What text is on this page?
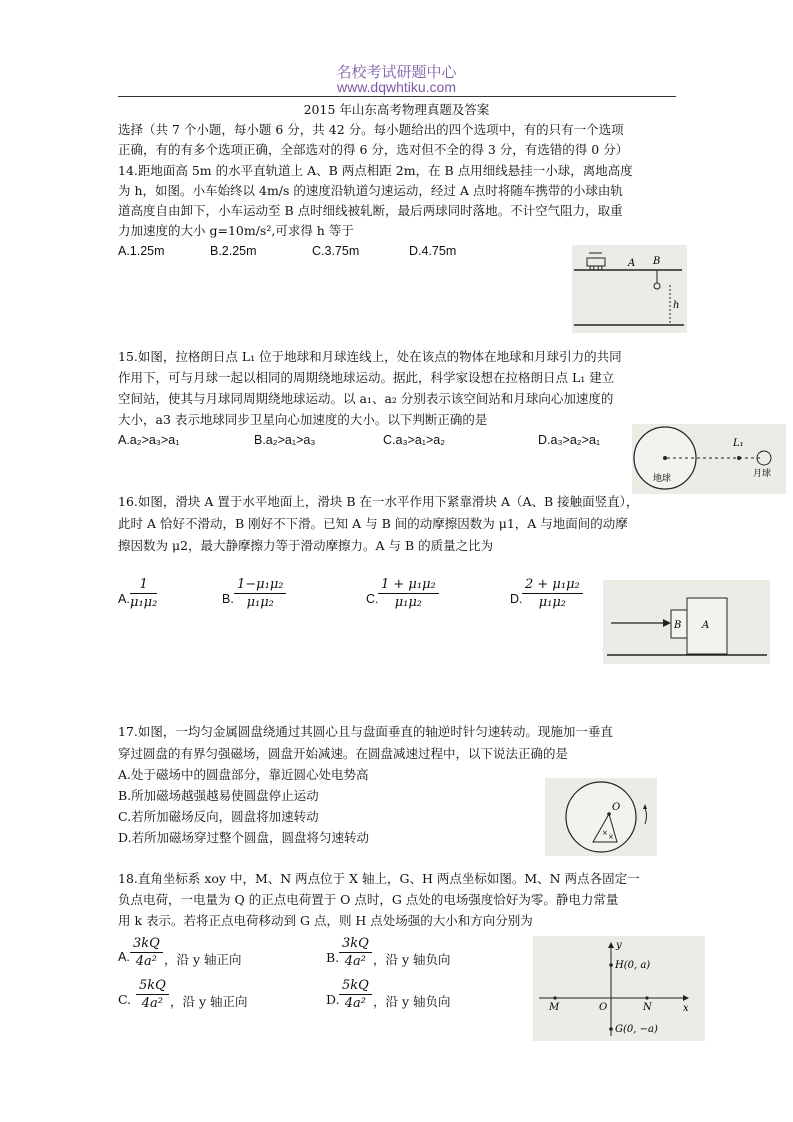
名校考试研题中心
www.dqwhtiku.com
2015 年山东高考物理真题及答案
选择（共 7 个小题，每小题 6 分，共 42 分。每小题给出的四个选项中，有的只有一个选项
正确，有的有多个选项正确，全部选对的得 6 分，选对但不全的得 3 分，有选错的得 0 分）
14.距地面高 5m 的水平直轨道上 A、B 两点相距 2m，在 B 点用细线悬挂一小球，离地高度
为 h，如图。小车始终以 4m/s 的速度沿轨道匀速运动，经过 A 点时将随车携带的小球由轨
道高度自由卸下，小车运动至 B 点时细线被轧断，最后两球同时落地。不计空气阻力，取重
力加速度的大小 g=10m/s²,可求得 h 等于
A.1.25m	B.2.25m	C.3.75m	D.4.75m
A B
h
15.如图，拉格朗日点 L₁ 位于地球和月球连线上，处在该点的物体在地球和月球引力的共同
作用下，可与月球一起以相同的周期绕地球运动。据此，科学家设想在拉格朗日点 L₁ 建立
空间站，使其与月球同周期绕地球运动。以 a₁、a₂ 分别表示该空间站和月球向心加速度的
大小，a3 表示地球同步卫星向心加速度的大小。以下判断正确的是
A.a₂>a₃>a₁	B.a₂>a₁>a₃	C.a₃>a₁>a₂	D.a₃>a₂>a₁	L₁
地球	月球
16.如图，滑块 A 置于水平地面上，滑块 B 在一水平作用下紧靠滑块 A（A、B 接触面竖直），
此时 A 恰好不滑动，B 刚好不下滑。已知 A 与 B 间的动摩擦因数为 μ1，A 与地面间的动摩
擦因数为 μ2，最大静摩擦力等于滑动摩擦力。A 与 B 的质量之比为
A. $\frac{1}{\text{μ₁μ₂}}$	B. $\frac{\text{1−μ₁μ₂}}{\text{μ₁μ₂}}$	C. $\frac{\text{1 + μ₁μ₂}}{\text{μ₁μ₂}}$	D. $\frac{\text{2 + μ₁μ₂}}{\text{μ₁μ₂}}$
B A
17.如图，一均匀金属圆盘绕通过其圆心且与盘面垂直的轴逆时针匀速转动。现施加一垂直
穿过圆盘的有界匀强磁场，圆盘开始减速。在圆盘减速过程中，以下说法正确的是
A.处于磁场中的圆盘部分，靠近圆心处电势高
B.所加磁场越强越易使圆盘停止运动
C.若所加磁场反向，圆盘将加速转动
D.若所加磁场穿过整个圆盘，圆盘将匀速转动	× ×
O
18.直角坐标系 xoy 中，M、N 两点位于 X 轴上，G、H 两点坐标如图。M、N 两点各固定一
负点电荷，一电量为 Q 的正点电荷置于 O 点时，G 点处的电场强度恰好为零。静电力常量
用 k 表示。若将正点电荷移动到 G 点，则 H 点处场强的大小和方向分别为
A. $\frac{3kQ}{\text{4a²}}$ ，沿 y 轴正向	B. $\frac{3kQ}{\text{4a²}}$ ，沿 y 轴负向
C. $\frac{5kQ}{\text{4a²}}$ ，沿 y 轴正向	D. $\frac{5kQ}{\text{4a²}}$ ，沿 y 轴负向
y
x
H(0, a)
G(0, −a)
M	N
O
